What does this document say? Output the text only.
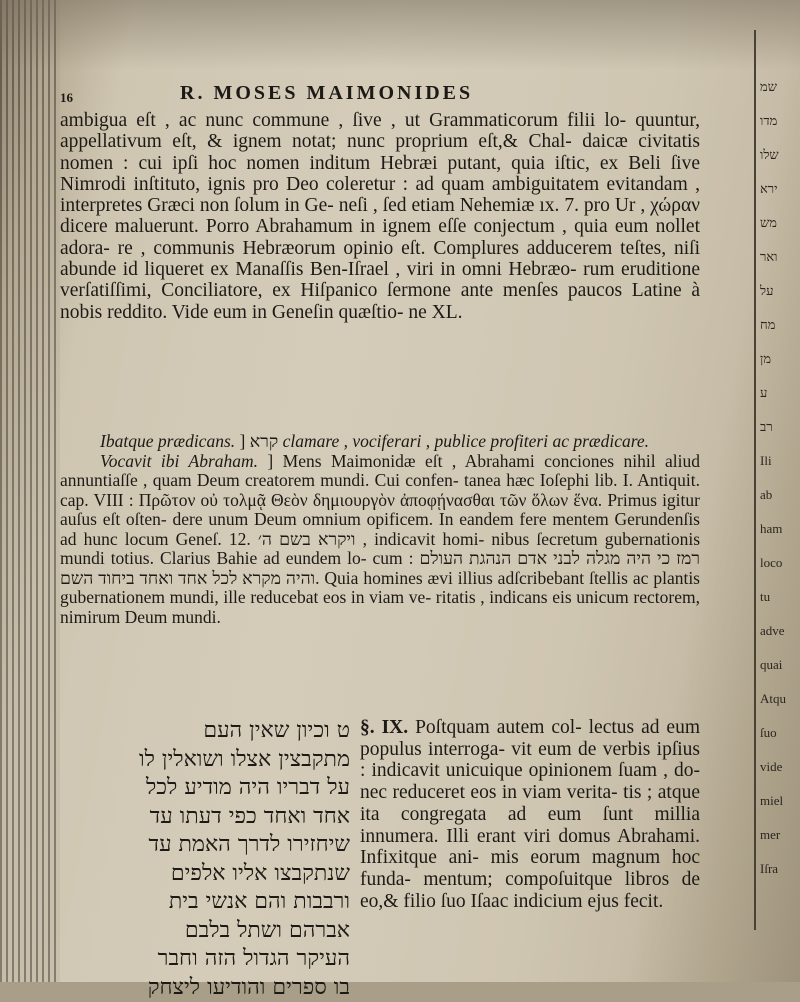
16	R. MOSES MAIMONIDES

ambigua eſt , ac nunc commune , ſive , ut Grammaticorum filii lo- quuntur, appellativum eſt, & ignem notat; nunc proprium eſt,& Chal- daicæ civitatis nomen : cui ipſi hoc nomen inditum Hebræi putant, quia iſtic, ex Beli ſive Nimrodi inſtituto, ignis pro Deo coleretur : ad quam ambiguitatem evitandam , interpretes Græci non ſolum in Ge- neſi , ſed etiam Nehemiæ ıx. 7. pro Ur , χώραν dicere maluerunt. Porro Abrahamum in ignem eſſe conjectum , quia eum nollet adora- re , communis Hebræorum opinio eſt. Complures adducerem teſtes, niſi abunde id liqueret ex Manaſſis Ben-Iſrael , viri in omni Hebræo- rum eruditione verſatiſſimi, Conciliatore, ex Hiſpanico ſermone ante menſes paucos Latine à nobis reddito. Vide eum in Geneſin quæſtio- ne XL.

Ibatque prædicans. ] קרא clamare , vociferari , publice profiteri ac prædicare.

Vocavit ibi Abraham. ] Mens Maimonidæ eſt , Abrahami conciones nihil aliud annuntiaſſe , quam Deum creatorem mundi. Cui confen- tanea hæc Ioſephi lib. I. Antiquit. cap. VIII : Πρῶτον οὐ τολμᾷ Θεὸν δημιουργὸν ἀποφῄνασθαι τῶν ὅλων ἕνα. Primus igitur auſus eſt oſten- dere unum Deum omnium opificem. In eandem fere mentem Gerundenſis ad hunc locum Geneſ. 12. ויקרא בשם ה׳ , indicavit homi- nibus ſecretum gubernationis mundi totius. Clarius Bahie ad eundem lo- cum : רמז כי היה מגלה לבני אדם הנהגת העולם והיה מקרא לכל אחד ואחד ביחוד השם. Quia homines ævi illius adſcribebant ſtellis ac plantis gubernationem mundi, ille reducebat eos in viam ve- ritatis , indicans eis unicum rectorem, nimirum Deum mundi.

ט וכיון שאין העם
מתקבצין אצלו ושואלין לו
על דבריו היה מודיע לכל
אחד ואחד כפי דעתו עד
שיחזירו לדרך האמת עד
שנתקבצו אליו אלפים
ורבבות והם אנשי בית
אברהם ושתל בלבם
העיקר הגדול הזה וחבר
בו ספרים והודיעו ליצחק

§. IX. Poſtquam autem col- lectus ad eum populus interroga- vit eum de verbis ipſius : indicavit unicuique opinionem ſuam , do- nec reduceret eos in viam verita- tis ; atque ita congregata ad eum ſunt millia innumera. Illi erant viri domus Abrahami. Infixitque ani- mis eorum magnum hoc funda- mentum; compoſuitque libros de eo,& filio ſuo Iſaac indicium ejus fecit.

שמ
מדו
שלו
ירא
מש
ואר
על
מח
מן
ע
רב
Ili
ab
ham
loco
tu
adve
quai
Atqu
ſuo
vide
miel
mer
Iſra
